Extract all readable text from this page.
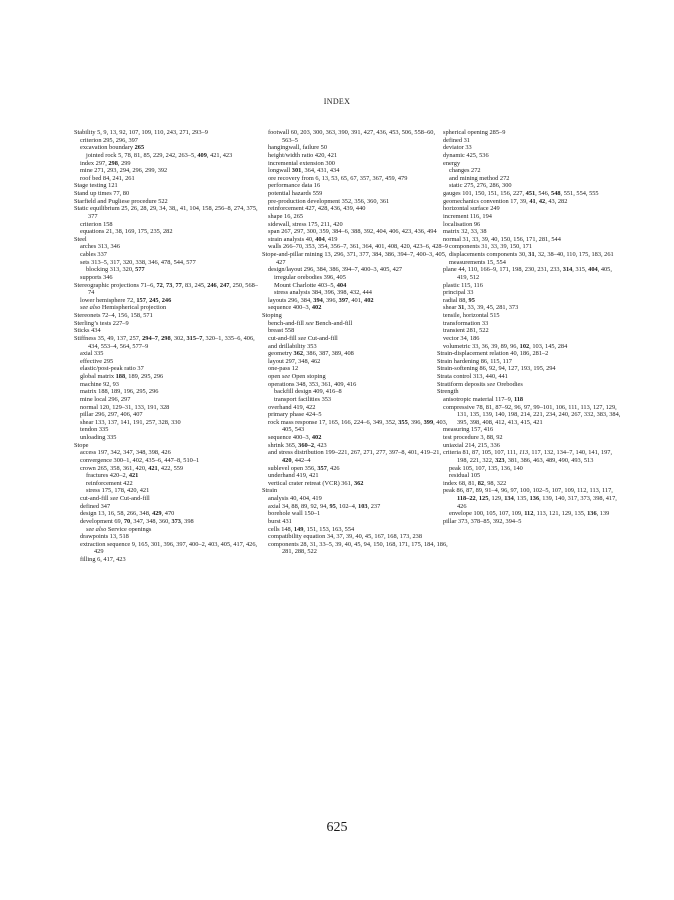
INDEX
Stability 5, 9, 13, 92, 107, 109, 110, 243, 271, 293–9
criterion 295, 296, 397
excavation boundary 265
jointed rock 5, 78, 81, 85, 229, 242, 263–5, 409, 421, 423
index 297, 298, 299
mine 271, 293, 294, 296, 299, 392
roof bed 84, 241, 261
Stage testing 121
Stand up times 77, 80
Starfield and Pugliese procedure 522
Static equilibrium 25, 26, 28, 29, 34, 38,, 41, 104, 158, 256–8, 274, 375, 377
criterion 158
equations 21, 38, 169, 175, 235, 282
Steel
arches 313, 346
cables 337
sets 313–5, 317, 320, 338, 346, 478, 544, 577
blocking 313, 320, 577
supports 346
Stereographic projections 71–6, 72, 73, 77, 83, 245, 246, 247, 250, 568–74
lower hemisphere 72, 157, 245, 246
see also Hemispherical projection
Stereonets 72–4, 156, 158, 571
Sterling’s tests 227–9
Sticks 434
Stiffness 35, 49, 137, 257, 294–7, 298, 302, 315–7, 320–1, 335–6, 406, 434, 553–4, 564, 577–9
axial 335
effective 295
elastic/post-peak ratio 37
global matrix 188, 189, 295, 296
machine 92, 93
matrix 188, 189, 196, 295, 296
mine local 296, 297
normal 120, 129–31, 133, 191, 328
pillar 296, 297, 406, 407
shear 133, 137, 141, 191, 257, 328, 330
tendon 335
unloading 335
Stope
access 197, 342, 347, 348, 398, 426
convergence 300–1, 402, 435–6, 447–8, 510–1
crown 265, 358, 361, 420, 421, 422, 559
fractures 420–2, 421
reinforcement 422
stress 175, 178, 420, 421
cut-and-fill see Cut-and-fill
defined 347
design 13, 16, 58, 266, 348, 429, 470
development 69, 70, 347, 348, 360, 373, 398
see also Service openings
drawpoints 13, 518
extraction sequence 9, 165, 301, 396, 397, 400–2, 403, 405, 417, 426, 429
filling 6, 417, 423
footwall 60, 203, 300, 363, 390, 391, 427, 436, 453, 506, 558–60, 563–5
hangingwall, failure 50
height/width ratio 420, 421
incremental extension 300
longwall 301, 364, 431, 434
ore recovery from 6, 13, 53, 65, 67, 357, 367, 459, 479
performance data 16
potential hazards 559
pre-production development 352, 356, 360, 361
reinforcement 427, 428, 436, 439, 440
shape 16, 265
sidewall, stress 175, 211, 420
span 267, 297, 300, 359, 384–6, 388, 392, 404, 406, 423, 436, 494
strain analysis 40, 404, 419
walls 266–70, 353, 354, 356–7, 361, 364, 401, 408, 420, 423–6, 428–9
Stope-and-pillar mining 13, 296, 371, 377, 384, 386, 394–7, 400–3, 405, 427
design/layout 296, 384, 386, 394–7, 400–3, 405, 427
irregular orebodies 396, 405
Mount Charlotte 403–5, 404
stress analysis 384, 396, 398, 432, 444
layouts 296, 384, 394, 396, 397, 401, 402
sequence 400–3, 402
Stoping
bench-and-fill see Bench-and-fill
breast 558
cut-and-fill see Cut-and-fill
and drillability 353
geometry 362, 386, 387, 389, 408
layout 297, 348, 462
one-pass 12
open see Open stoping
operations 348, 353, 361, 409, 416
backfill design 409, 416–8
transport facilities 353
overhand 419, 422
primary phase 424–5
rock mass response 17, 165, 166, 224–6, 349, 352, 355, 396, 399, 403, 405, 543
sequence 400–3, 402
shrink 365, 360–2, 423
and stress distribution 199–221, 267, 271, 277, 397–8, 401, 419–21, 420, 442–4
sublevel open 356, 357, 426
underhand 419, 421
vertical crater retreat (VCR) 361, 362
Strain
analysis 40, 404, 419
axial 34, 88, 89, 92, 94, 95, 102–4, 103, 237
borehole wall 150–1
burst 431
cells 148, 149, 151, 153, 163, 554
compatibility equation 34, 37, 39, 40, 45, 167, 168, 173, 238
components 28, 31, 33–5, 39, 40, 45, 94, 150, 168, 171, 175, 184, 186, 281, 288, 522
spherical opening 285–9
defined 31
deviator 33
dynamic 425, 536
energy
changes 272
and mining method 272
static 275, 276, 286, 300
gauges 101, 150, 151, 156, 227, 451, 546, 548, 551, 554, 555
geomechanics convention 17, 39, 41, 42, 43, 282
horizontal surface 249
increment 116, 194
localisation 96
matrix 32, 33, 38
normal 31, 33, 39, 40, 150, 156, 171, 281, 544
components 31, 33, 39, 150, 171
displacements components 30, 31, 32, 38–40, 110, 175, 183, 261
measurements 15, 554
plane 44, 110, 166–9, 171, 198, 230, 231, 233, 314, 315, 404, 405, 419, 512
plastic 115, 116
principal 33
radial 88, 95
shear 31, 33, 39, 45, 281, 373
tensile, horizontal 515
transformation 33
transient 281, 522
vector 34, 186
volumetric 33, 36, 39, 89, 96, 102, 103, 145, 284
Strain-displacement relation 40, 186, 281–2
Strain hardening 86, 115, 117
Strain-softening 86, 92, 94, 127, 193, 195, 294
Strata control 313, 440, 441
Stratiform deposits see Orebodies
Strength
anisotropic material 117–9, 118
compressive 78, 81, 87–92, 96, 97, 99–101, 106, 111, 113, 127, 129, 131, 135, 139, 140, 198, 214, 221, 234, 240, 267, 332, 383, 384, 395, 398, 408, 412, 413, 415, 421
measuring 157, 416
test procedure 3, 88, 92
uniaxial 214, 215, 336
criteria 81, 87, 105, 107, 111, 113, 117, 132, 134–7, 140, 141, 197, 198, 221, 322, 323, 381, 386, 463, 489, 490, 493, 513
peak 105, 107, 135, 136, 140
residual 105
index 68, 81, 82, 98, 322
peak 86, 87, 89, 91–4, 96, 97, 100, 102–5, 107, 109, 112, 113, 117, 118–22, 125, 129, 134, 135, 136, 139, 140, 317, 373, 398, 417, 426
envelope 100, 105, 107, 109, 112, 113, 121, 129, 135, 136, 139
pillar 373, 378–85, 392, 394–5
625
